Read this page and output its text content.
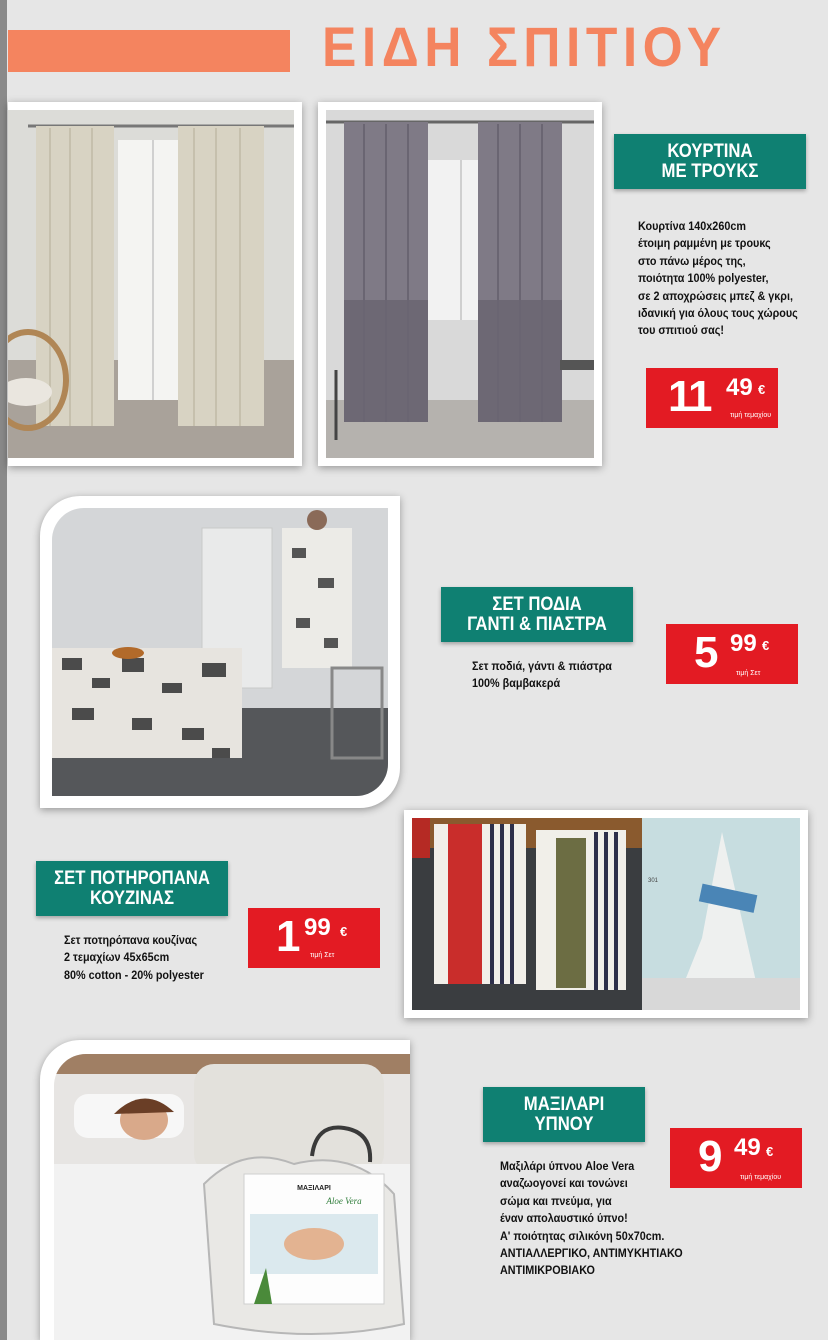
ΕΙΔΗ ΣΠΙΤΙΟΥ
ΚΟΥΡΤΙΝΑ
ΜΕ ΤΡΟΥΚΣ
Κουρτίνα 140x260cm
έτοιμη ραμμένη με τρουκς
στο πάνω μέρος της,
ποιότητα 100% polyester,
σε 2 αποχρώσεις μπεζ & γκρι,
ιδανική για όλους τους χώρους
του σπιτιού σας!
11 49 €
τιμή τεμαχίου
ΣΕΤ ΠΟΔΙΑ
ΓΑΝΤΙ & ΠΙΑΣΤΡΑ
Σετ ποδιά, γάντι & πιάστρα
100% βαμβακερά
5 99 €
τιμή Σετ
301
ΣΕΤ ΠΟΤΗΡΟΠΑΝΑ
ΚΟΥΖΙΝΑΣ
Σετ ποτηρόπανα κουζίνας
2 τεμαχίων 45x65cm
80% cotton - 20% polyester
1 99 €
τιμή Σετ
ΜΑΞΙΛΑΡΙ
Aloe Vera
ΜΑΞΙΛΑΡΙ
ΥΠΝΟΥ
9 49 €
τιμή τεμαχίου
Μαξιλάρι ύπνου Aloe Vera
αναζωογονεί και τονώνει
σώμα και πνεύμα, για
έναν απολαυστικό ύπνο!
Α' ποιότητας σιλικόνη 50x70cm.
ΑΝΤΙΑΛΛΕΡΓΙΚΟ, ΑΝΤΙΜΥΚΗΤΙΑΚΟ
ΑΝΤΙΜΙΚΡΟΒΙΑΚΟ
